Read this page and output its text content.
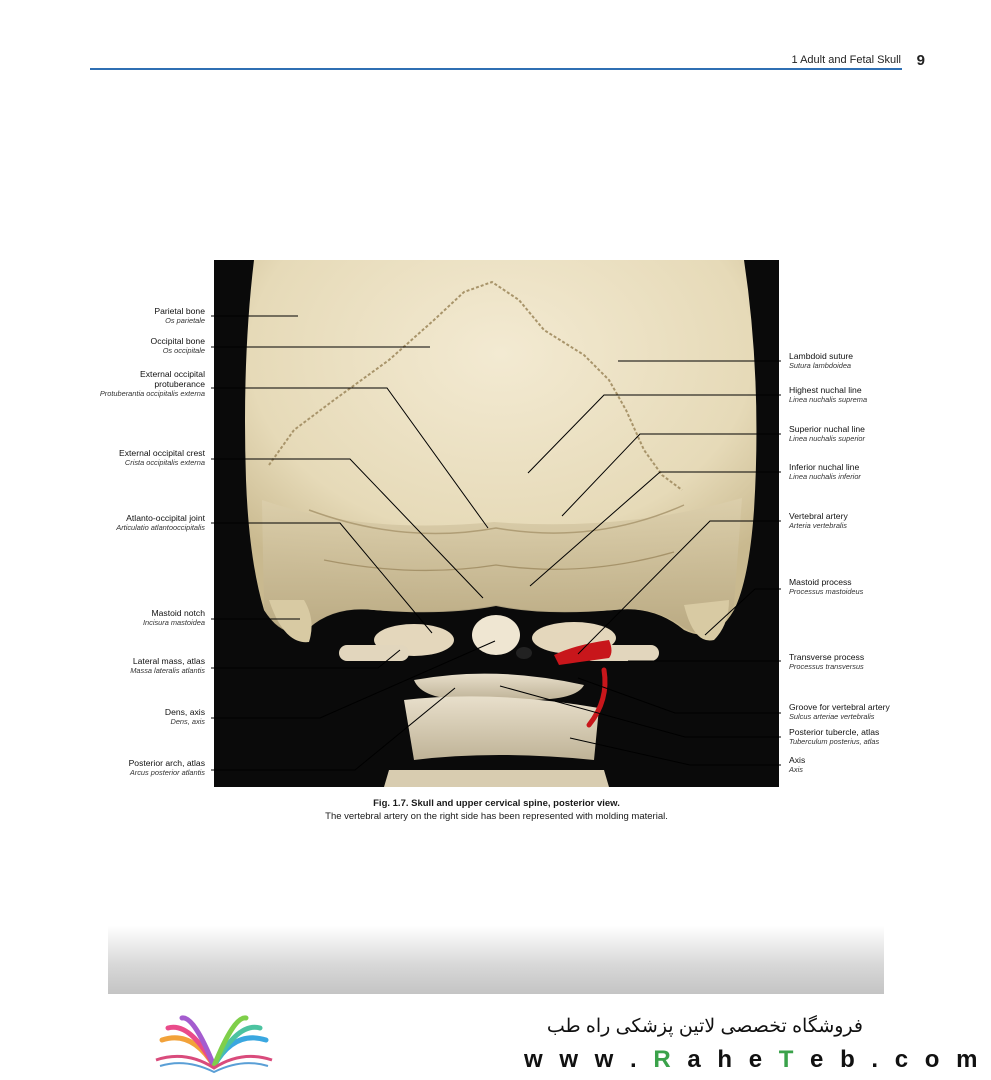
1 Adult and Fetal Skull 9
Parietal bone
Os parietale
Occipital bone
Os occipitale
External occipital
protuberance
Protuberantia occipitalis externa
External occipital crest
Crista occipitalis externa
Atlanto-occipital joint
Articulatio atlantooccipitalis
Mastoid notch
Incisura mastoidea
Lateral mass, atlas
Massa lateralis atlantis
Dens, axis
Dens, axis
Posterior arch, atlas
Arcus posterior atlantis
Lambdoid suture
Sutura lambdoidea
Highest nuchal line
Linea nuchalis suprema
Superior nuchal line
Linea nuchalis superior
Inferior nuchal line
Linea nuchalis inferior
Vertebral artery
Arteria vertebralis
Mastoid process
Processus mastoideus
Transverse process
Processus transversus
Groove for vertebral artery
Sulcus arteriae vertebralis
Posterior tubercle, atlas
Tuberculum posterius, atlas
Axis
Axis
Fig. 1.7. Skull and upper cervical spine, posterior view.
The vertebral artery on the right side has been represented with molding material.
فروشگاه تخصصی لاتین پزشکی راه طب
w w w . R a h e T e b . c o m
